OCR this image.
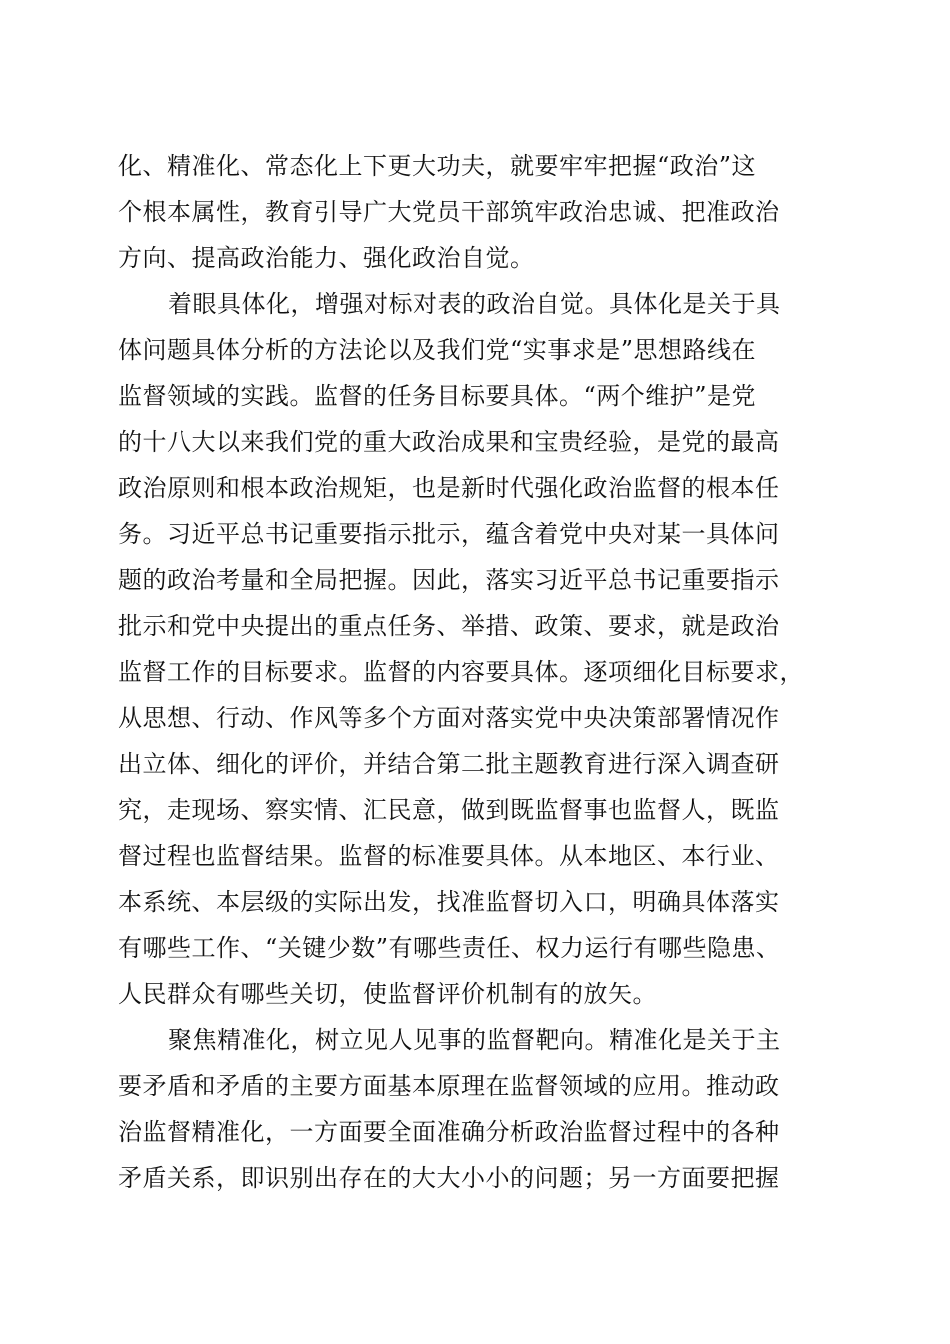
化、精准化、常态化上下更大功夫，就要牢牢把握“政治”这
个根本属性，教育引导广大党员干部筑牢政治忠诚、把准政治
方向、提高政治能力、强化政治自觉。
着眼具体化，增强对标对表的政治自觉。具体化是关于具
体问题具体分析的方法论以及我们党“实事求是”思想路线在
监督领域的实践。监督的任务目标要具体。“两个维护”是党
的十八大以来我们党的重大政治成果和宝贵经验，是党的最高
政治原则和根本政治规矩，也是新时代强化政治监督的根本任
务。习近平总书记重要指示批示，蕴含着党中央对某一具体问
题的政治考量和全局把握。因此，落实习近平总书记重要指示
批示和党中央提出的重点任务、举措、政策、要求，就是政治
监督工作的目标要求。监督的内容要具体。逐项细化目标要求，
从思想、行动、作风等多个方面对落实党中央决策部署情况作
出立体、细化的评价，并结合第二批主题教育进行深入调查研
究，走现场、察实情、汇民意，做到既监督事也监督人，既监
督过程也监督结果。监督的标准要具体。从本地区、本行业、
本系统、本层级的实际出发，找准监督切入口，明确具体落实
有哪些工作、“关键少数”有哪些责任、权力运行有哪些隐患、
人民群众有哪些关切，使监督评价机制有的放矢。
聚焦精准化，树立见人见事的监督靶向。精准化是关于主
要矛盾和矛盾的主要方面基本原理在监督领域的应用。推动政
治监督精准化，一方面要全面准确分析政治监督过程中的各种
矛盾关系，即识别出存在的大大小小的问题；另一方面要把握
